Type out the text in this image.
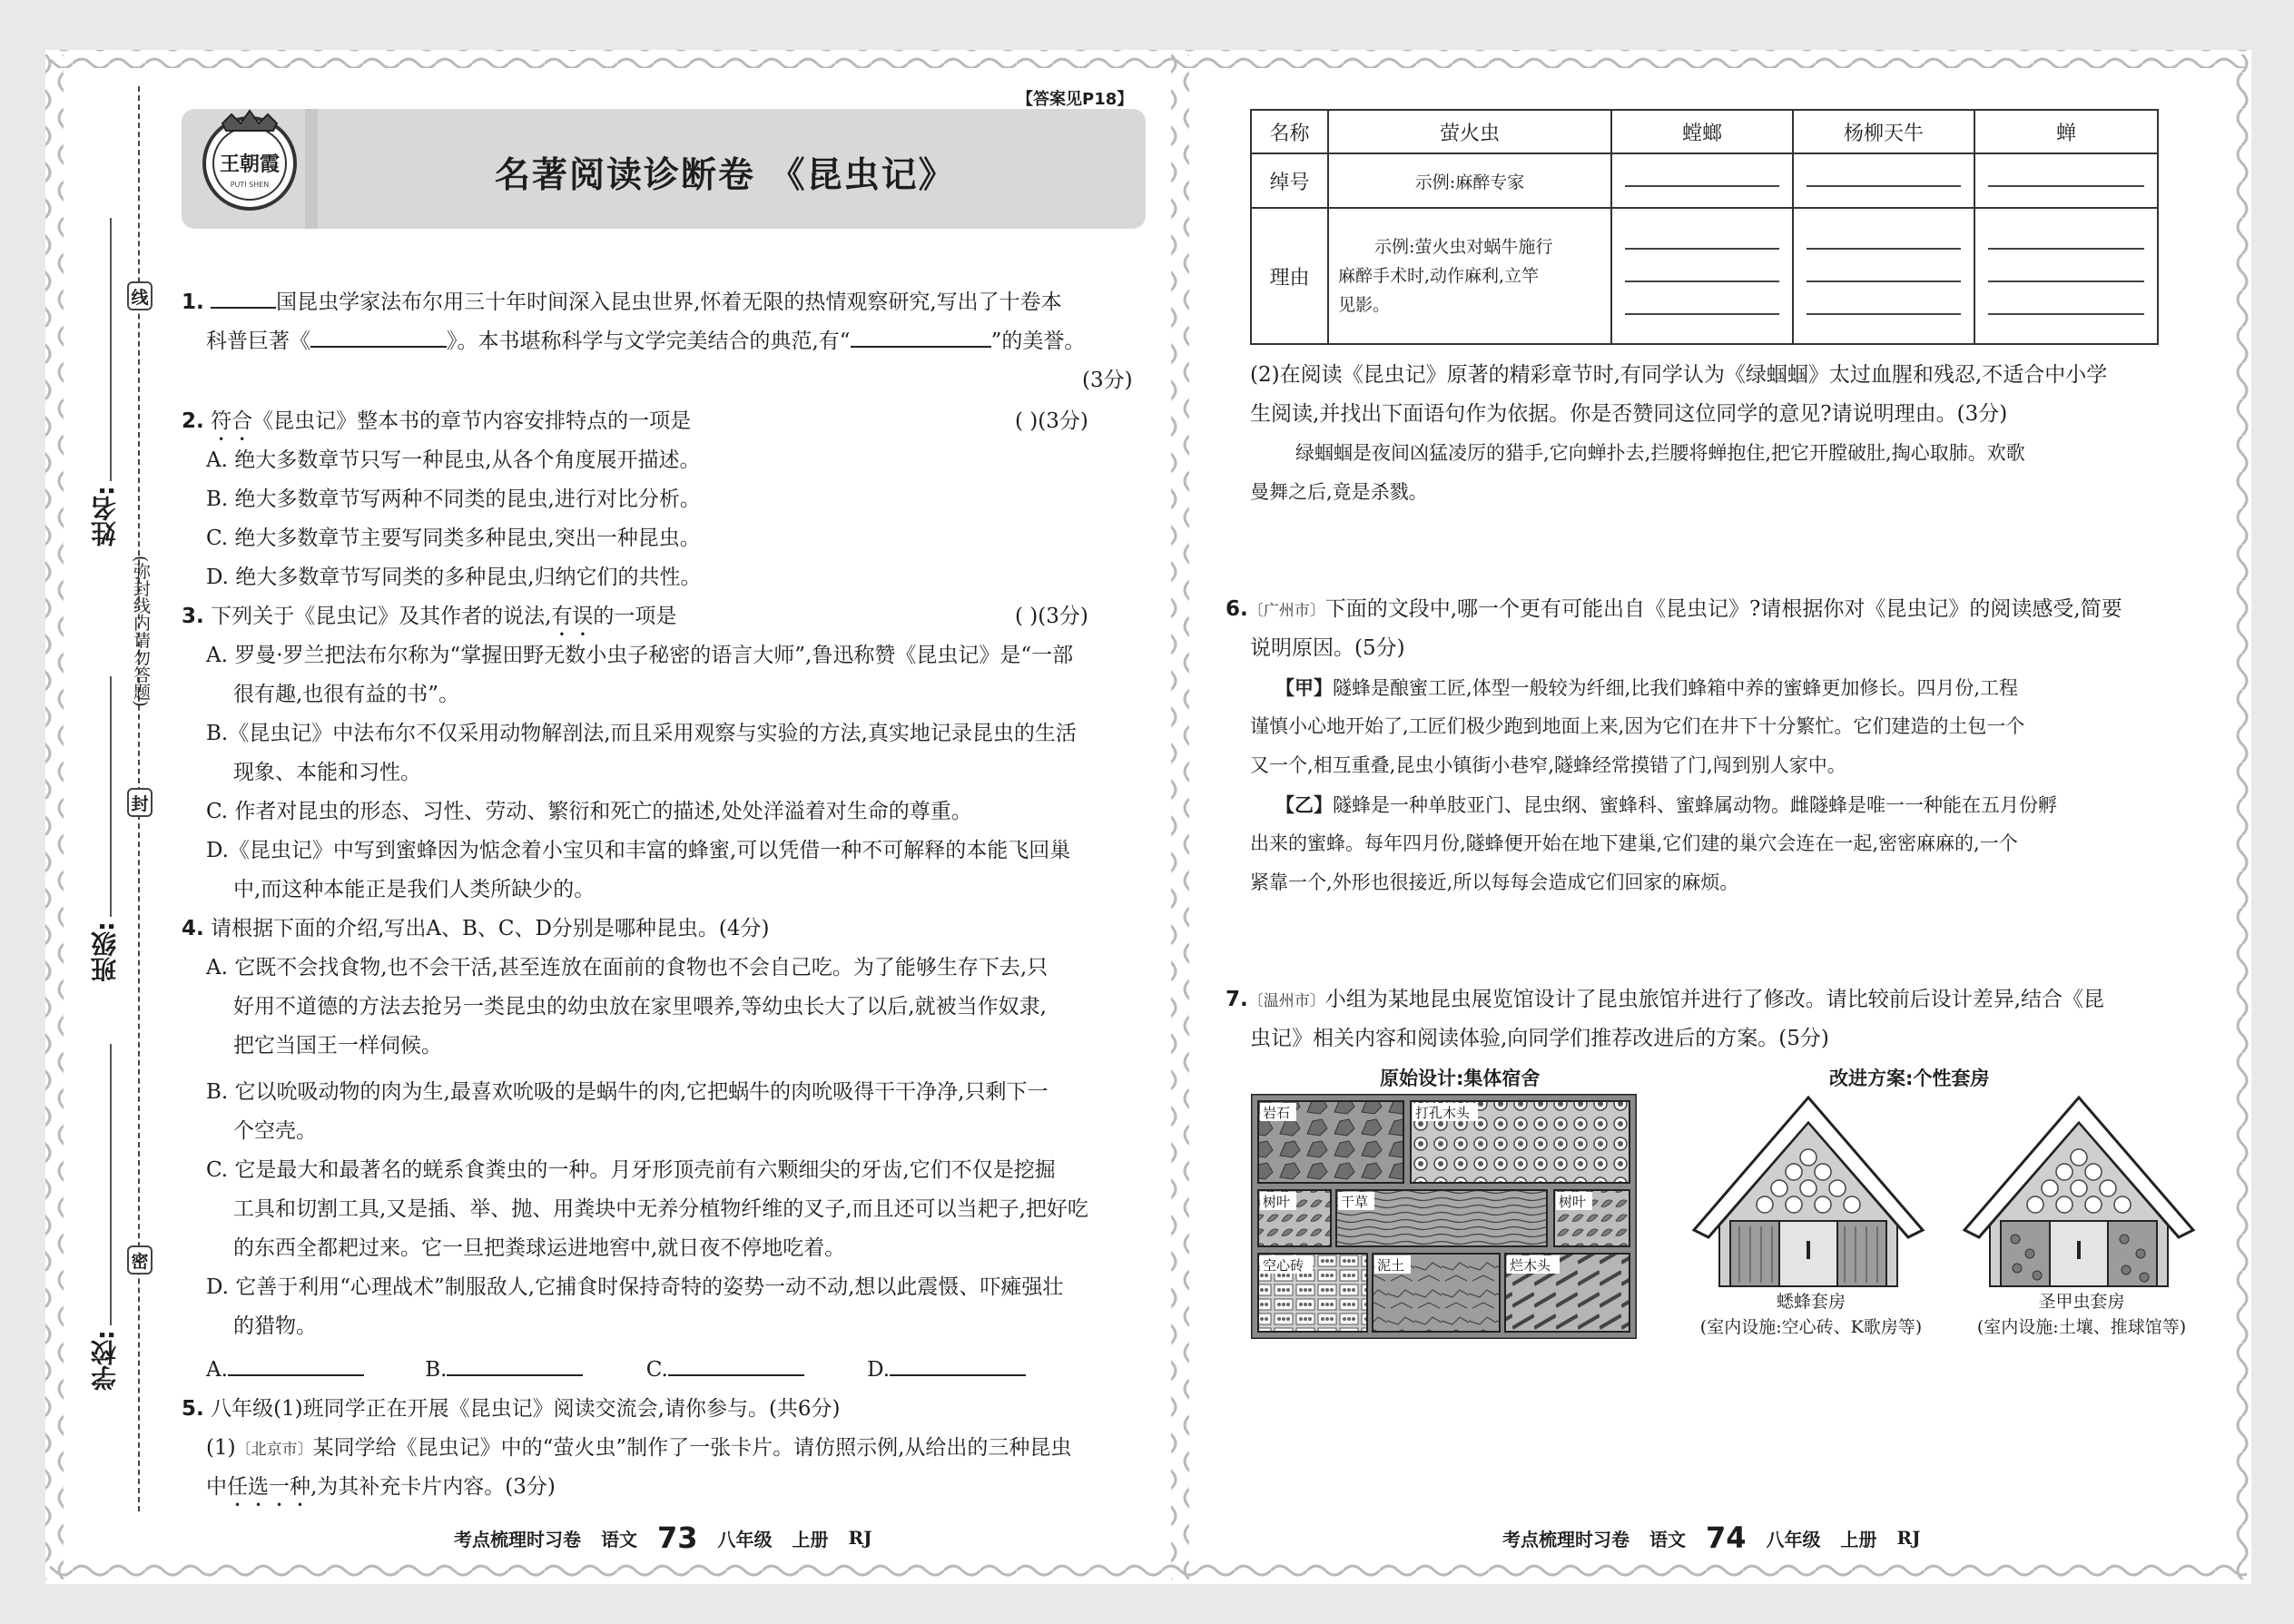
线
封
密
(弥封线内请勿答题)
姓名:
班级:
学校:
【答案见P18】
王朝霞
PUTI SHEN	名著阅读诊断卷 《昆虫记》
1.	国昆虫学家法布尔用三十年时间深入昆虫世界,怀着无限的热情观察研究,写出了十卷本
科普巨著《	》。本书堪称科学与文学完美结合的典范,有“	”的美誉。
(3分)
2. 符合《昆虫记》整本书的章节内容安排特点的一项是	( )(3分)
A. 绝大多数章节只写一种昆虫,从各个角度展开描述。
B. 绝大多数章节写两种不同类的昆虫,进行对比分析。
C. 绝大多数章节主要写同类多种昆虫,突出一种昆虫。
D. 绝大多数章节写同类的多种昆虫,归纳它们的共性。
3. 下列关于《昆虫记》及其作者的说法,有误的一项是	( )(3分)
A. 罗曼·罗兰把法布尔称为“掌握田野无数小虫子秘密的语言大师”,鲁迅称赞《昆虫记》是“一部
很有趣,也很有益的书”。
B.《昆虫记》中法布尔不仅采用动物解剖法,而且采用观察与实验的方法,真实地记录昆虫的生活
现象、本能和习性。
C. 作者对昆虫的形态、习性、劳动、繁衍和死亡的描述,处处洋溢着对生命的尊重。
D.《昆虫记》中写到蜜蜂因为惦念着小宝贝和丰富的蜂蜜,可以凭借一种不可解释的本能飞回巢
中,而这种本能正是我们人类所缺少的。
4. 请根据下面的介绍,写出A、B、C、D分别是哪种昆虫。(4分)
A. 它既不会找食物,也不会干活,甚至连放在面前的食物也不会自己吃。为了能够生存下去,只
好用不道德的方法去抢另一类昆虫的幼虫放在家里喂养,等幼虫长大了以后,就被当作奴隶,
把它当国王一样伺候。
B. 它以吮吸动物的肉为生,最喜欢吮吸的是蜗牛的肉,它把蜗牛的肉吮吸得干干净净,只剩下一
个空壳。
C. 它是最大和最著名的蜣系食粪虫的一种。月牙形顶壳前有六颗细尖的牙齿,它们不仅是挖掘
工具和切割工具,又是插、举、抛、用粪块中无养分植物纤维的叉子,而且还可以当耙子,把好吃
的东西全都耙过来。它一旦把粪球运进地窖中,就日夜不停地吃着。
D. 它善于利用“心理战术”制服敌人,它捕食时保持奇特的姿势一动不动,想以此震慑、吓瘫强壮
的猎物。
A.	B.	C.	D.
5. 八年级(1)班同学正在开展《昆虫记》阅读交流会,请你参与。(共6分)
(1)〔北京市〕某同学给《昆虫记》中的“萤火虫”制作了一张卡片。请仿照示例,从给出的三种昆虫
中任选一种,为其补充卡片内容。(3分)
考点梳理时习卷 语文 73 八年级 上册 RJ
名称	萤火虫	螳螂	杨柳天牛	蝉
绰号	示例:麻醉专家	

理由	示例:萤火虫对蜗牛施行
麻醉手术时,动作麻利,立竿
见影。			

(2)在阅读《昆虫记》原著的精彩章节时,有同学认为《绿蝈蝈》太过血腥和残忍,不适合中小学
生阅读,并找出下面语句作为依据。你是否赞同这位同学的意见?请说明理由。(3分)
绿蝈蝈是夜间凶猛凌厉的猎手,它向蝉扑去,拦腰将蝉抱住,把它开膛破肚,掏心取肺。欢歌
曼舞之后,竟是杀戮。
6.〔广州市〕下面的文段中,哪一个更有可能出自《昆虫记》?请根据你对《昆虫记》的阅读感受,简要
说明原因。(5分)
【甲】隧蜂是酿蜜工匠,体型一般较为纤细,比我们蜂箱中养的蜜蜂更加修长。四月份,工程
谨慎小心地开始了,工匠们极少跑到地面上来,因为它们在井下十分繁忙。它们建造的土包一个
又一个,相互重叠,昆虫小镇街小巷窄,隧蜂经常摸错了门,闯到别人家中。
【乙】隧蜂是一种单肢亚门、昆虫纲、蜜蜂科、蜜蜂属动物。雌隧蜂是唯一一种能在五月份孵
出来的蜜蜂。每年四月份,隧蜂便开始在地下建巢,它们建的巢穴会连在一起,密密麻麻的,一个
紧靠一个,外形也很接近,所以每每会造成它们回家的麻烦。
7.〔温州市〕小组为某地昆虫展览馆设计了昆虫旅馆并进行了修改。请比较前后设计差异,结合《昆
虫记》相关内容和阅读体验,向同学们推荐改进后的方案。(5分)
原始设计:集体宿舍	改进方案:个性套房
岩石	打孔木头
树叶	干草	树叶
空心砖	泥土	烂木头
蟋蜂套房
(室内设施:空心砖、K歌房等)
圣甲虫套房
(室内设施:土壤、推球馆等)
考点梳理时习卷 语文 74 八年级 上册 RJ
